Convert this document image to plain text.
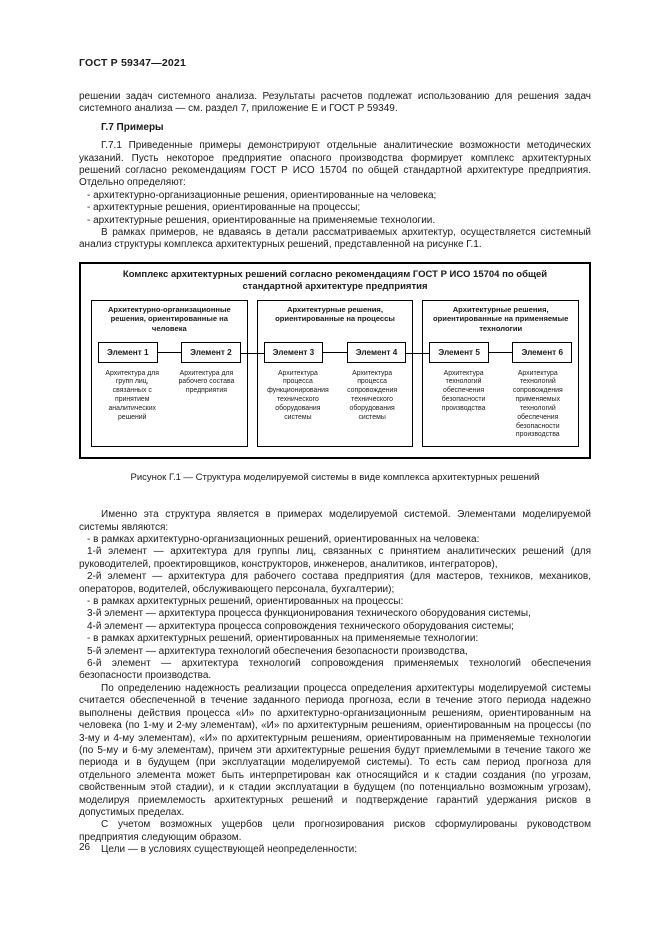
ГОСТ Р 59347—2021

решении задач системного анализа. Результаты расчетов подлежат использованию для решения задач системного анализа — см. раздел 7, приложение Е и ГОСТ Р 59349.

Г.7 Примеры

Г.7.1 Приведенные примеры демонстрируют отдельные аналитические возможности методических указаний. Пусть некоторое предприятие опасного производства формирует комплекс архитектурных решений согласно рекомендациям ГОСТ Р ИСО 15704 по общей стандартной архитектуре предприятия. Отдельно определяют:

- архитектурно-организационные решения, ориентированные на человека;

- архитектурные решения, ориентированные на процессы;

- архитектурные решения, ориентированные на применяемые технологии.

В рамках примеров, не вдаваясь в детали рассматриваемых архитектур, осуществляется системный анализ структуры комплекса архитектурных решений, представленной на рисунке Г.1.

Комплекс архитектурных решений согласно рекомендациям ГОСТ Р ИСО 15704 по общей стандартной архитектуре предприятия
Архитектурно-организационные решения, ориентированные на человека
Элемент 1	Элемент 2
Архитектура для групп лиц, связанных с принятием аналитических решений
Архитектура для рабочего состава предприятия
Архитектурные решения, ориентированные на процессы
Элемент 3	Элемент 4
Архитектура процесса функционирования технического оборудования системы
Архитектура процесса сопровождения технического оборудования системы
Архитектурные решения, ориентированные на применяемые технологии
Элемент 5	Элемент 6
Архитектура технологий обеспечения безопасности производства
Архитектура технологий сопровождения применяемых технологий обеспечения безопасности производства
Рисунок Г.1 — Структура моделируемой системы в виде комплекса архитектурных решений

Именно эта структура является в примерах моделируемой системой. Элементами моделируемой системы являются:

- в рамках архитектурно-организационных решений, ориентированных на человека:

1-й элемент — архитектура для группы лиц, связанных с принятием аналитических решений (для руководителей, проектировщиков, конструкторов, инженеров, аналитиков, интеграторов),

2-й элемент — архитектура для рабочего состава предприятия (для мастеров, техников, механиков, операторов, водителей, обслуживающего персонала, бухгалтерии);

- в рамках архитектурных решений, ориентированных на процессы:

3-й элемент — архитектура процесса функционирования технического оборудования системы,

4-й элемент — архитектура процесса сопровождения технического оборудования системы;

- в рамках архитектурных решений, ориентированных на применяемые технологии:

5-й элемент — архитектура технологий обеспечения безопасности производства,

6-й элемент — архитектура технологий сопровождения применяемых технологий обеспечения безопасности производства.

По определению надежность реализации процесса определения архитектуры моделируемой системы считается обеспеченной в течение заданного периода прогноза, если в течение этого периода надежно выполнены действия процесса «И» по архитектурно-организационным решениям, ориентированным на человека (по 1-му и 2-му элементам), «И» по архитектурным решениям, ориентированным на процессы (по 3-му и 4-му элементам), «И» по архитектурным решениям, ориентированным на применяемые технологии (по 5-му и 6-му элементам), причем эти архитектурные решения будут приемлемыми в течение такого же периода и в будущем (при эксплуатации моделируемой системы). То есть сам период прогноза для отдельного элемента может быть интерпретирован как относящийся и к стадии создания (по угрозам, свойственным этой стадии), и к стадии эксплуатации в будущем (по потенциально возможным угрозам), моделируя приемлемость архитектурных решений и подтверждение гарантий удержания рисков в допустимых пределах.

С учетом возможных ущербов цели прогнозирования рисков сформулированы руководством предприятия следующим образом.

Цели — в условиях существующей неопределенности:

26
